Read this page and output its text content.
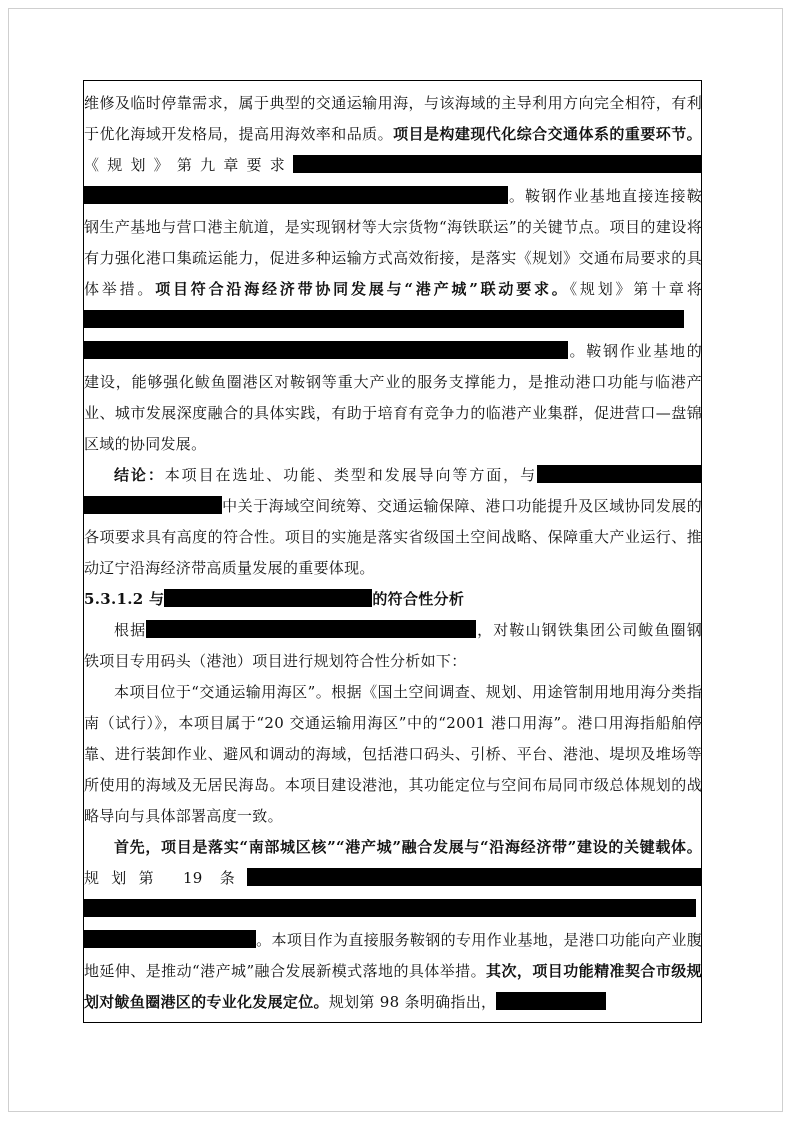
维修及临时停靠需求，属于典型的交通运输用海，与该海域的主导利用方向完全相符，有利于优化海域开发格局，提高用海效率和品质。项目是构建现代化综合交通体系的重要环节。《规划》第九章要求。鞍钢作业基地直接连接鞍钢生产基地与营口港主航道，是实现钢材等大宗货物“海铁联运”的关键节点。项目的建设将有力强化港口集疏运能力，促进多种运输方式高效衔接，是落实《规划》交通布局要求的具体举措。项目符合沿海经济带协同发展与“港产城”联动要求。《规划》第十章将。鞍钢作业基地的建设，能够强化鲅鱼圈港区对鞍钢等重大产业的服务支撑能力，是推动港口功能与临港产业、城市发展深度融合的具体实践，有助于培育有竞争力的临港产业集群，促进营口—盘锦区域的协同发展。

结论：本项目在选址、功能、类型和发展导向等方面，与中关于海域空间统筹、交通运输保障、港口功能提升及区域协同发展的各项要求具有高度的符合性。项目的实施是落实省级国土空间战略、保障重大产业运行、推动辽宁沿海经济带高质量发展的重要体现。

5.3.1.2 与	的符合性分析

根据	，对鞍山钢铁集团公司鲅鱼圈钢铁项目专用码头（港池）项目进行规划符合性分析如下：

本项目位于“交通运输用海区”。根据《国土空间调查、规划、用途管制用地用海分类指南（试行）》，本项目属于“20 交通运输用海区”中的“2001 港口用海”。港口用海指船舶停靠、进行装卸作业、避风和调动的海域，包括港口码头、引桥、平台、港池、堤坝及堆场等所使用的海域及无居民海岛。本项目建设港池，其功能定位与空间布局同市级总体规划的战略导向与具体部署高度一致。

首先，项目是落实“南部城区核”“港产城”融合发展与“沿海经济带”建设的关键载体。规划第 19 条。本项目作为直接服务鞍钢的专用作业基地，是港口功能向产业腹地延伸、是推动“港产城”融合发展新模式落地的具体举措。其次，项目功能精准契合市级规划对鲅鱼圈港区的专业化发展定位。规划第 98 条明确指出，
